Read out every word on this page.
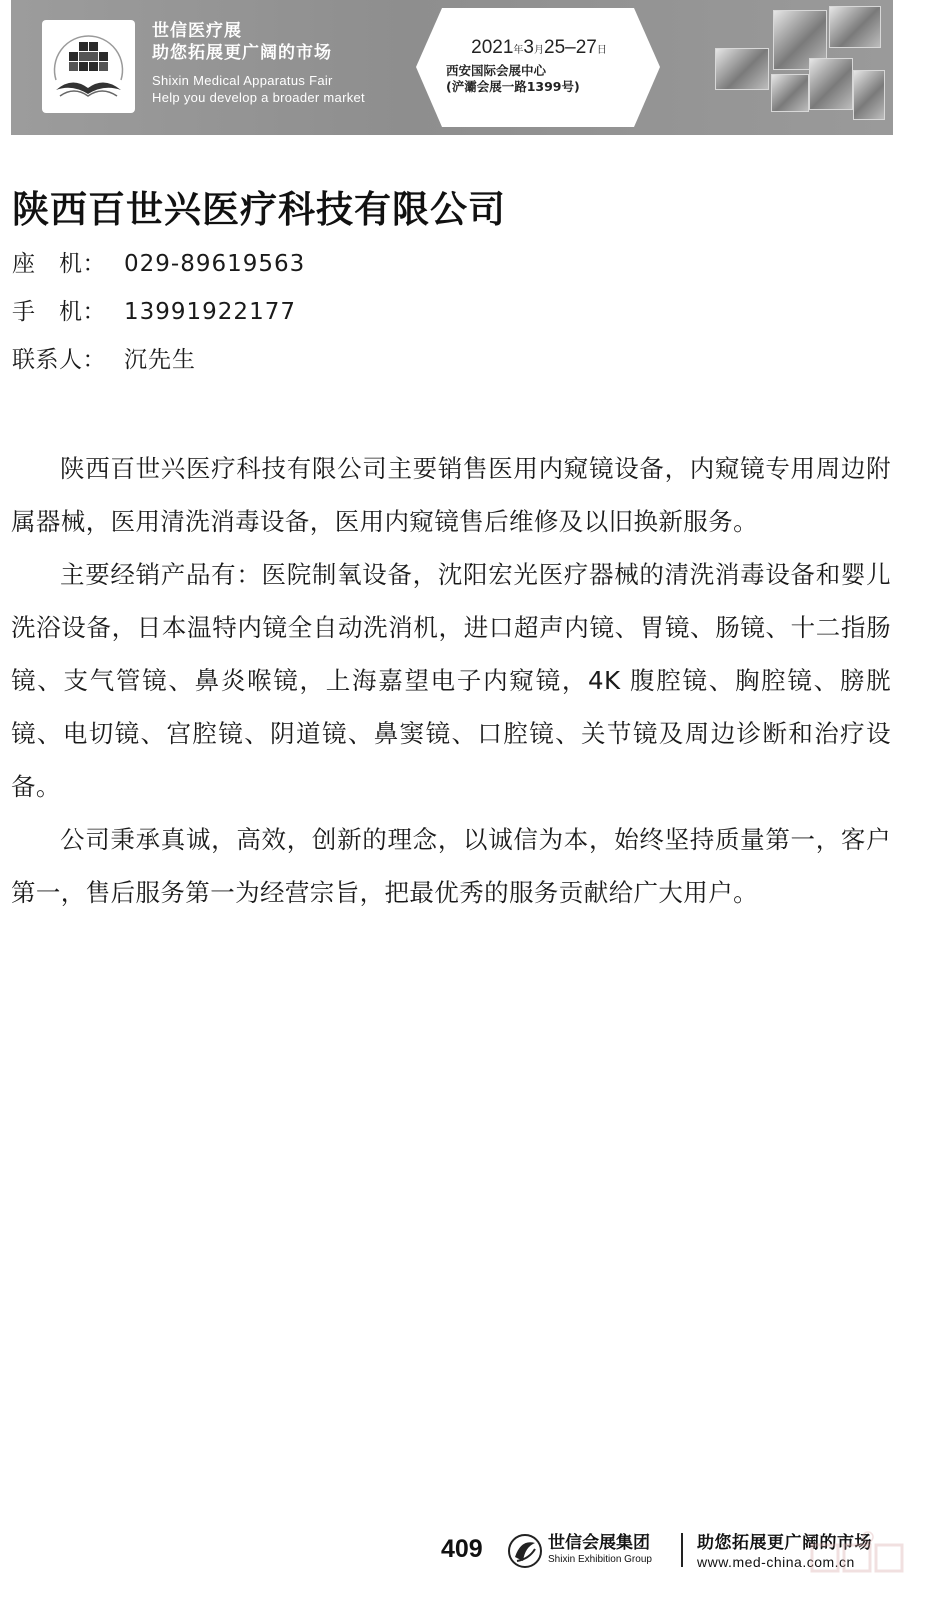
世信医疗展
助您拓展更广阔的市场
Shixin Medical Apparatus Fair
Help you develop a broader market
2021年3月25–27日
西安国际会展中心
(浐灞会展一路1399号)
陕西百世兴医疗科技有限公司
座　机： 029-89619563
手　机： 13991922177
联系人： 沉先生

陕西百世兴医疗科技有限公司主要销售医用内窥镜设备，内窥镜专用周边附属器械，医用清洗消毒设备，医用内窥镜售后维修及以旧换新服务。

主要经销产品有：医院制氧设备，沈阳宏光医疗器械的清洗消毒设备和婴儿洗浴设备，日本温特内镜全自动洗消机，进口超声内镜、胃镜、肠镜、十二指肠镜、支气管镜、鼻炎喉镜，上海嘉望电子内窥镜，4K 腹腔镜、胸腔镜、膀胱镜、电切镜、宫腔镜、阴道镜、鼻窦镜、口腔镜、关节镜及周边诊断和治疗设备。

公司秉承真诚，高效，创新的理念，以诚信为本，始终坚持质量第一，客户第一，售后服务第一为经营宗旨，把最优秀的服务贡献给广大用户。

409	世信会展集团
Shixin Exhibition Group
助您拓展更广阔的市场
www.med-china.com.cn
